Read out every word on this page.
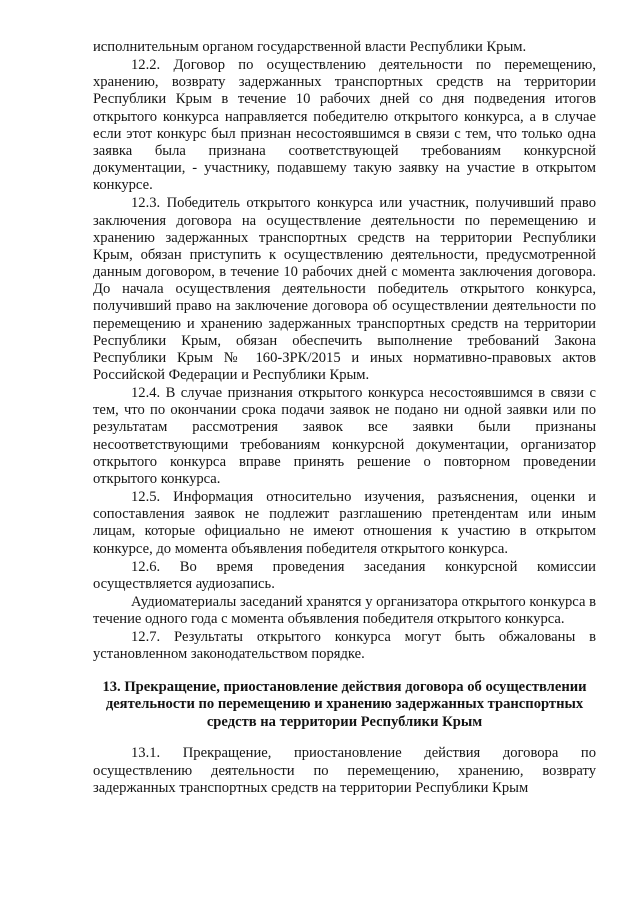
исполнительным органом государственной власти Республики Крым.

12.2. Договор по осуществлению деятельности по перемещению, хранению, возврату задержанных транспортных средств на территории Республики Крым в течение 10 рабочих дней со дня подведения итогов открытого конкурса направляется победителю открытого конкурса, а в случае если этот конкурс был признан несостоявшимся в связи с тем, что только одна заявка была признана соответствующей требованиям конкурсной документации, - участнику, подавшему такую заявку на участие в открытом конкурсе.

12.3. Победитель открытого конкурса или участник, получивший право заключения договора на осуществление деятельности по перемещению и хранению задержанных транспортных средств на территории Республики Крым, обязан приступить к осуществлению деятельности, предусмотренной данным договором, в течение 10 рабочих дней с момента заключения договора. До начала осуществления деятельности победитель открытого конкурса, получивший право на заключение договора об осуществлении деятельности по перемещению и хранению задержанных транспортных средств на территории Республики Крым, обязан обеспечить выполнение требований Закона Республики Крым № 160-ЗРК/2015 и иных нормативно-правовых актов Российской Федерации и Республики Крым.

12.4. В случае признания открытого конкурса несостоявшимся в связи с тем, что по окончании срока подачи заявок не подано ни одной заявки или по результатам рассмотрения заявок все заявки были признаны несоответствующими требованиям конкурсной документации, организатор открытого конкурса вправе принять решение о повторном проведении открытого конкурса.

12.5. Информация относительно изучения, разъяснения, оценки и сопоставления заявок не подлежит разглашению претендентам или иным лицам, которые официально не имеют отношения к участию в открытом конкурсе, до момента объявления победителя открытого конкурса.

12.6. Во время проведения заседания конкурсной комиссии осуществляется аудиозапись.

Аудиоматериалы заседаний хранятся у организатора открытого конкурса в течение одного года с момента объявления победителя открытого конкурса.

12.7. Результаты открытого конкурса могут быть обжалованы в установленном законодательством порядке.

13. Прекращение, приостановление действия договора об осуществлении деятельности по перемещению и хранению задержанных транспортных средств на территории Республики Крым

13.1. Прекращение, приостановление действия договора по осуществлению деятельности по перемещению, хранению, возврату задержанных транспортных средств на территории Республики Крым
